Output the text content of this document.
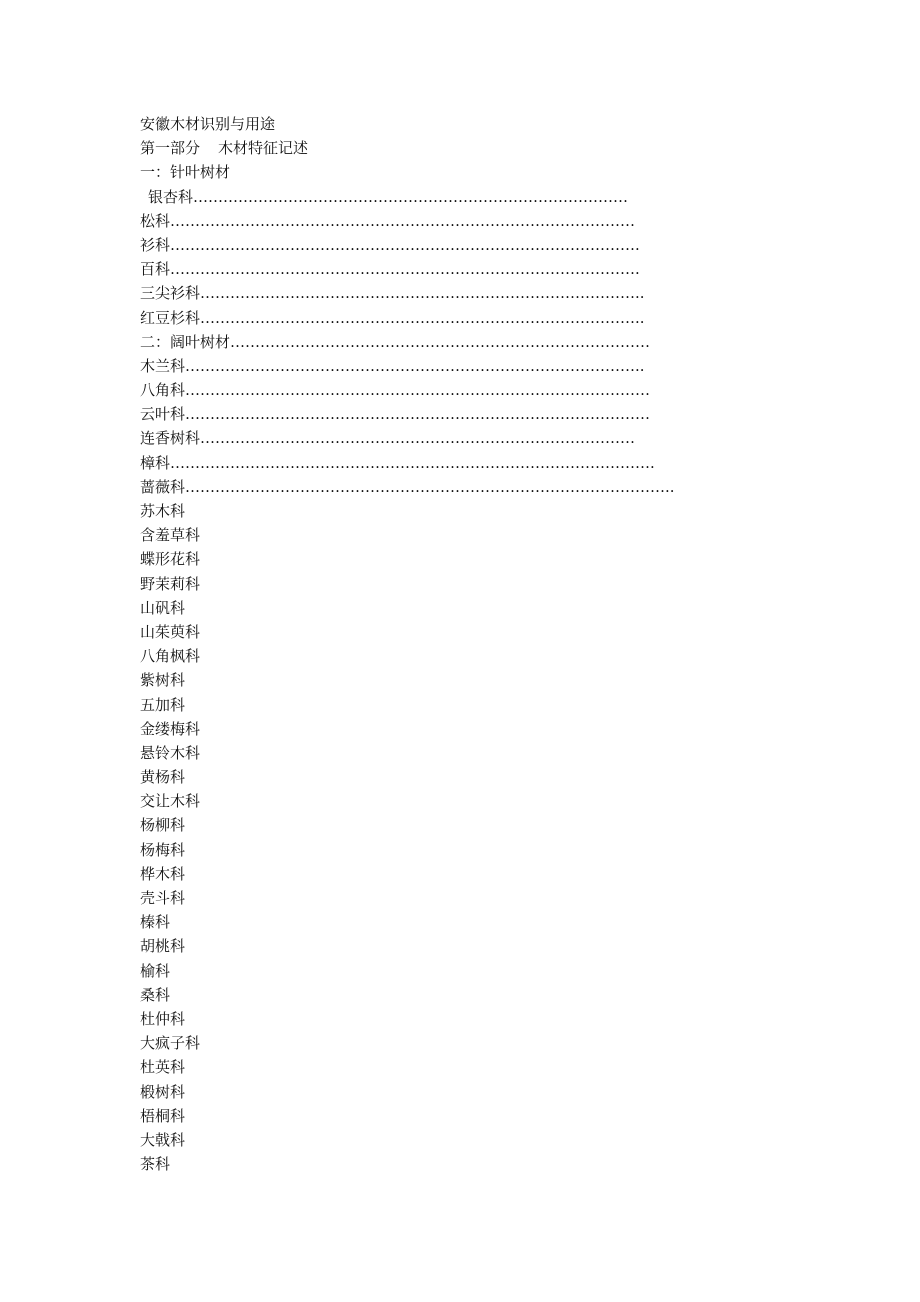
安徽木材识别与用途
第一部分 木材特征记述
一：针叶树材
银杏科……………………………………………………………………………
松科…………………………………………………………………………………
衫科………………………………………………………………………………….
百科………………………………………………………………………………….
三尖衫科……………………………………………………………………………..
红豆杉科……………………………………………………………………………..
二：阔叶树材…………………………………………………………………………
木兰科………………………………………………………………………………..
八角科…………………………………………………………………………………
云叶科…………………………………………………………………………………
连香树科……………………………………………………………………………
樟科…………………………………………………………………………………….
蔷薇科……………………………………………………………………………………..
苏木科
含羞草科
蝶形花科
野茉莉科
山矾科
山茱萸科
八角枫科
紫树科
五加科
金缕梅科
悬铃木科
黄杨科
交让木科
杨柳科
杨梅科
桦木科
壳斗科
榛科
胡桃科
榆科
桑科
杜仲科
大疯子科
杜英科
椴树科
梧桐科
大戟科
茶科
